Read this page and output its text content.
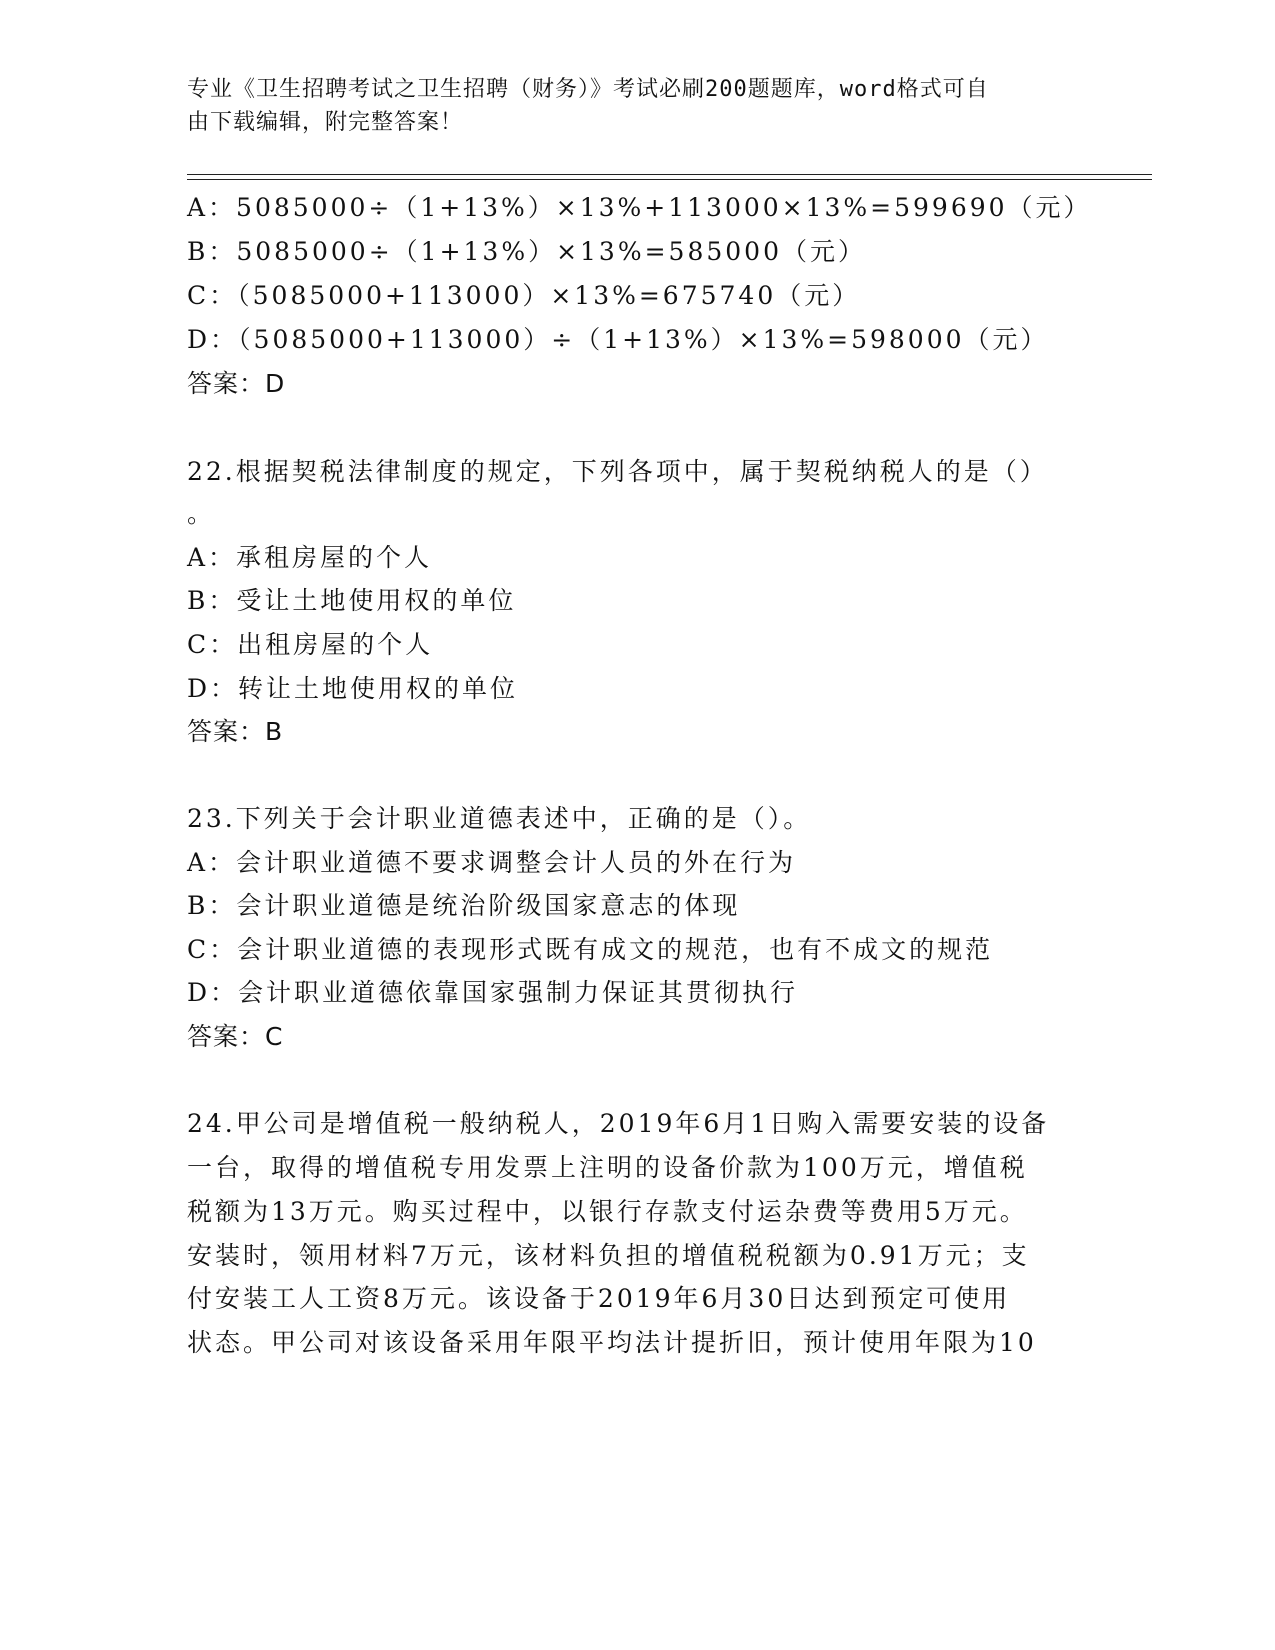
专业《卫生招聘考试之卫生招聘（财务）》考试必刷200题题库，word格式可自
由下载编辑，附完整答案！
A：5085000÷（1+13%）×13%+113000×13%=599690（元）
B：5085000÷（1+13%）×13%=585000（元）
C：（5085000+113000）×13%=675740（元）
D：（5085000+113000）÷（1+13%）×13%=598000（元）
答案：D
22.根据契税法律制度的规定，下列各项中，属于契税纳税人的是（）
。
A：承租房屋的个人
B：受让土地使用权的单位
C：出租房屋的个人
D：转让土地使用权的单位
答案：B
23.下列关于会计职业道德表述中，正确的是（）。
A：会计职业道德不要求调整会计人员的外在行为
B：会计职业道德是统治阶级国家意志的体现
C：会计职业道德的表现形式既有成文的规范，也有不成文的规范
D：会计职业道德依靠国家强制力保证其贯彻执行
答案：C
24.甲公司是增值税一般纳税人，2019年6月1日购入需要安装的设备
一台，取得的增值税专用发票上注明的设备价款为100万元，增值税
税额为13万元。购买过程中，以银行存款支付运杂费等费用5万元。
安装时，领用材料7万元，该材料负担的增值税税额为0.91万元；支
付安装工人工资8万元。该设备于2019年6月30日达到预定可使用
状态。甲公司对该设备采用年限平均法计提折旧，预计使用年限为10
